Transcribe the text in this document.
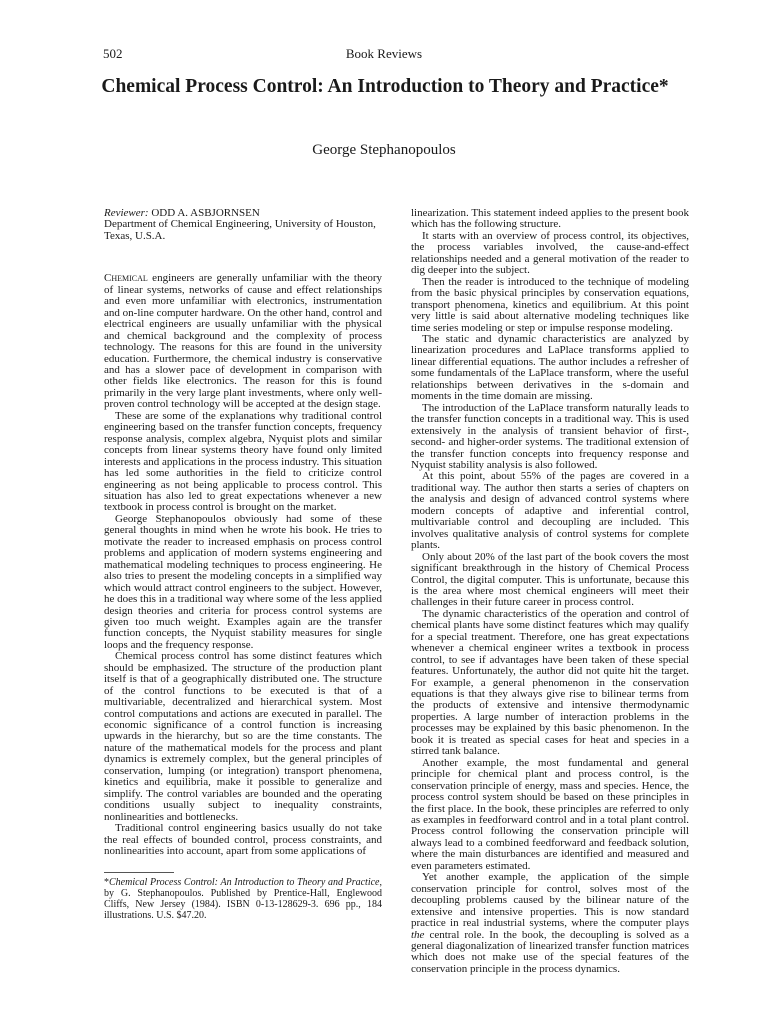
502	Book Reviews
Chemical Process Control: An Introduction to Theory and Practice*
George Stephanopoulos

Reviewer: ODD A. ASBJORNSEN

Department of Chemical Engineering, University of Houston, Texas, U.S.A.

Chemical engineers are generally unfamiliar with the theory of linear systems, networks of cause and effect relationships and even more unfamiliar with electronics, instrumentation and on-line computer hardware. On the other hand, control and electrical engineers are usually unfamiliar with the physical and chemical background and the complexity of process technology. The reasons for this are found in the university education. Furthermore, the chemical industry is conservative and has a slower pace of development in comparison with other fields like electronics. The reason for this is found primarily in the very large plant investments, where only well-proven control technology will be accepted at the design stage.

These are some of the explanations why traditional control engineering based on the transfer function concepts, frequency response analysis, complex algebra, Nyquist plots and similar concepts from linear systems theory have found only limited interests and applications in the process industry. This situation has led some authorities in the field to criticize control engineering as not being applicable to process control. This situation has also led to great expectations whenever a new textbook in process control is brought on the market.

George Stephanopoulos obviously had some of these general thoughts in mind when he wrote his book. He tries to motivate the reader to increased emphasis on process control problems and application of modern systems engineering and mathematical modeling techniques to process engineering. He also tries to present the modeling concepts in a simplified way which would attract control engineers to the subject. However, he does this in a traditional way where some of the less applied design theories and criteria for process control systems are given too much weight. Examples again are the transfer function concepts, the Nyquist stability measures for single loops and the frequency response.

Chemical process control has some distinct features which should be emphasized. The structure of the production plant itself is that of a geographically distributed one. The structure of the control functions to be executed is that of a multivariable, decentralized and hierarchical system. Most control computations and actions are executed in parallel. The economic significance of a control function is increasing upwards in the hierarchy, but so are the time constants. The nature of the mathematical models for the process and plant dynamics is extremely complex, but the general principles of conservation, lumping (or integration) transport phenomena, kinetics and equilibria, make it possible to generalize and simplify. The control variables are bounded and the operating conditions usually subject to inequality constraints, nonlinearities and bottlenecks.

Traditional control engineering basics usually do not take the real effects of bounded control, process constraints, and nonlinearities into account, apart from some applications of

*Chemical Process Control: An Introduction to Theory and Practice, by G. Stephanopoulos. Published by Prentice-Hall, Englewood Cliffs, New Jersey (1984). ISBN 0-13-128629-3. 696 pp., 184 illustrations. U.S. $47.20.

linearization. This statement indeed applies to the present book which has the following structure.

It starts with an overview of process control, its objectives, the process variables involved, the cause-and-effect relationships needed and a general motivation of the reader to dig deeper into the subject.

Then the reader is introduced to the technique of modeling from the basic physical principles by conservation equations, transport phenomena, kinetics and equilibrium. At this point very little is said about alternative modeling techniques like time series modeling or step or impulse response modeling.

The static and dynamic characteristics are analyzed by linearization procedures and LaPlace transforms applied to linear differential equations. The author includes a refresher of some fundamentals of the LaPlace transform, where the useful relationships between derivatives in the s-domain and moments in the time domain are missing.

The introduction of the LaPlace transform naturally leads to the transfer function concepts in a traditional way. This is used extensively in the analysis of transient behavior of first-, second- and higher-order systems. The traditional extension of the transfer function concepts into frequency response and Nyquist stability analysis is also followed.

At this point, about 55% of the pages are covered in a traditional way. The author then starts a series of chapters on the analysis and design of advanced control systems where modern concepts of adaptive and inferential control, multivariable control and decoupling are included. This involves qualitative analysis of control systems for complete plants.

Only about 20% of the last part of the book covers the most significant breakthrough in the history of Chemical Process Control, the digital computer. This is unfortunate, because this is the area where most chemical engineers will meet their challenges in their future career in process control.

The dynamic characteristics of the operation and control of chemical plants have some distinct features which may qualify for a special treatment. Therefore, one has great expectations whenever a chemical engineer writes a textbook in process control, to see if advantages have been taken of these special features. Unfortunately, the author did not quite hit the target. For example, a general phenomenon in the conservation equations is that they always give rise to bilinear terms from the products of extensive and intensive thermodynamic properties. A large number of interaction problems in the processes may be explained by this basic phenomenon. In the book it is treated as special cases for heat and species in a stirred tank balance.

Another example, the most fundamental and general principle for chemical plant and process control, is the conservation principle of energy, mass and species. Hence, the process control system should be based on these principles in the first place. In the book, these principles are referred to only as examples in feedforward control and in a total plant control. Process control following the conservation principle will always lead to a combined feedforward and feedback solution, where the main disturbances are identified and measured and even parameters estimated.

Yet another example, the application of the simple conservation principle for control, solves most of the decoupling problems caused by the bilinear nature of the extensive and intensive properties. This is now standard practice in real industrial systems, where the computer plays the central role. In the book, the decoupling is solved as a general diagonalization of linearized transfer function matrices which does not make use of the special features of the conservation principle in the process dynamics.
